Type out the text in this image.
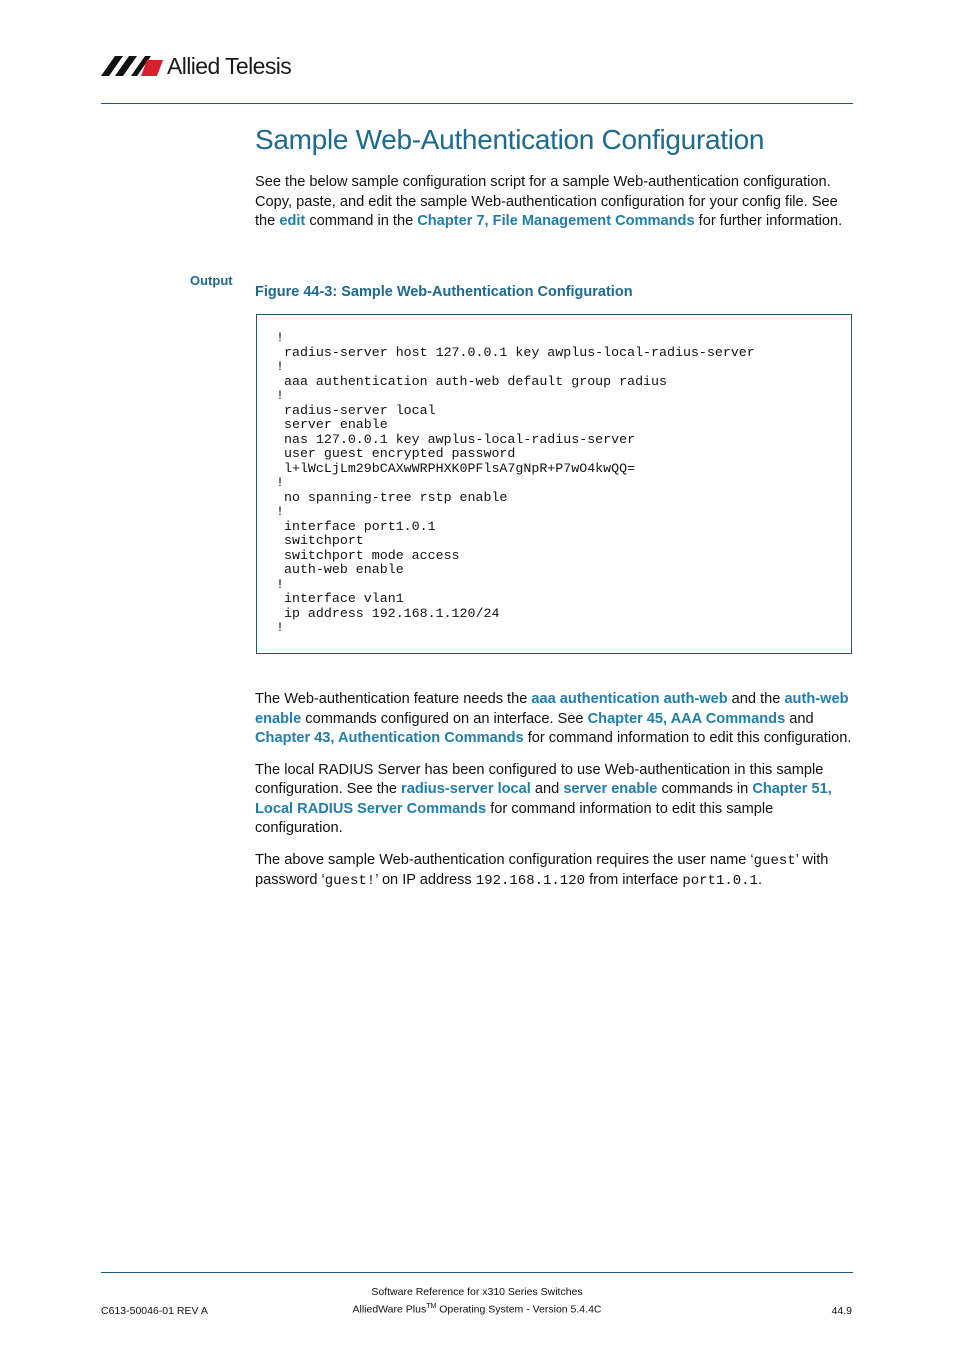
Allied Telesis
Sample Web-Authentication Configuration

See the below sample configuration script for a sample Web-authentication configuration. Copy, paste, and edit the sample Web-authentication configuration for your config file. See the edit command in the Chapter 7, File Management Commands for further information.

Output
Figure 44-3: Sample Web-Authentication Configuration
!
radius-server host 127.0.0.1 key awplus-local-radius-server
!
aaa authentication auth-web default group radius
!
radius-server local
server enable
nas 127.0.0.1 key awplus-local-radius-server
user guest encrypted password
l+lWcLjLm29bCAXwWRPHXK0PFlsA7gNpR+P7wO4kwQQ=
!
no spanning-tree rstp enable
!
interface port1.0.1
switchport
switchport mode access
auth-web enable
!
interface vlan1
ip address 192.168.1.120/24
!

The Web-authentication feature needs the aaa authentication auth-web and the auth-web enable commands configured on an interface. See Chapter 45, AAA Commands and Chapter 43, Authentication Commands for command information to edit this configuration.

The local RADIUS Server has been configured to use Web-authentication in this sample configuration. See the radius-server local and server enable commands in Chapter 51, Local RADIUS Server Commands for command information to edit this sample configuration.

The above sample Web-authentication configuration requires the user name ‘guest’ with password ‘guest!’ on IP address 192.168.1.120 from interface port1.0.1.

Software Reference for x310 Series Switches
C613-50046-01 REV A	AlliedWare Plus™ Operating System - Version 5.4.4C	44.9
